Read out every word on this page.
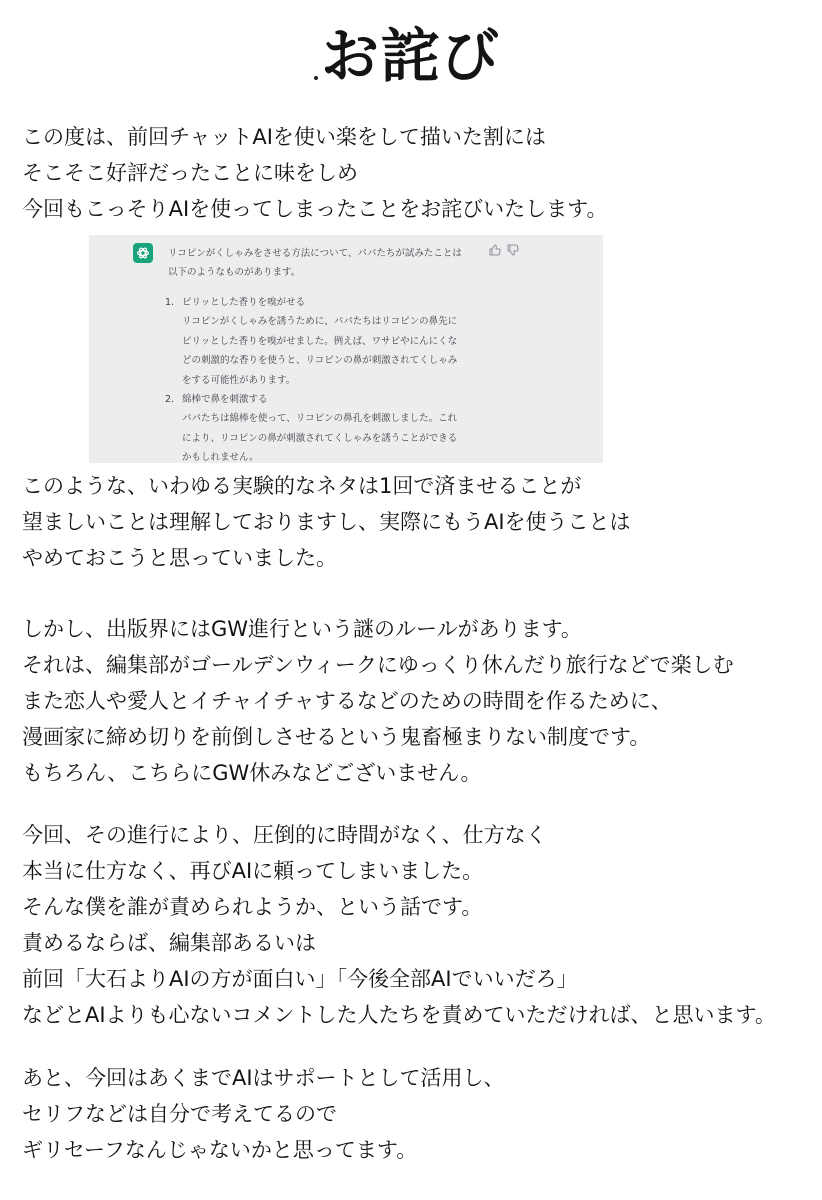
お詫び
この度は、前回チャットAIを使い楽をして描いた割には
そこそこ好評だったことに味をしめ
今回もこっそりAIを使ってしまったことをお詫びいたします。
リコピンがくしゃみをさせる方法について、パパたちが試みたことは
以下のようなものがあります。
1. ピリッとした香りを嗅がせる
リコピンがくしゃみを誘うために、パパたちはリコピンの鼻先に
ピリッとした香りを嗅がせました。例えば、ワサビやにんにくな
どの刺激的な香りを使うと、リコピンの鼻が刺激されてくしゃみ
をする可能性があります。
2. 綿棒で鼻を刺激する
パパたちは綿棒を使って、リコピンの鼻孔を刺激しました。これ
により、リコピンの鼻が刺激されてくしゃみを誘うことができる
かもしれません。
このような、いわゆる実験的なネタは1回で済ませることが
望ましいことは理解しておりますし、実際にもうAIを使うことは
やめておこうと思っていました。
しかし、出版界にはGW進行という謎のルールがあります。
それは、編集部がゴールデンウィークにゆっくり休んだり旅行などで楽しむ
また恋人や愛人とイチャイチャするなどのための時間を作るために、
漫画家に締め切りを前倒しさせるという鬼畜極まりない制度です。
もちろん、こちらにGW休みなどございません。
今回、その進行により、圧倒的に時間がなく、仕方なく
本当に仕方なく、再びAIに頼ってしまいました。
そんな僕を誰が責められようか、という話です。
責めるならば、編集部あるいは
前回「大石よりAIの方が面白い」「今後全部AIでいいだろ」
などとAIよりも心ないコメントした人たちを責めていただければ、と思います。
あと、今回はあくまでAIはサポートとして活用し、
セリフなどは自分で考えてるので
ギリセーフなんじゃないかと思ってます。
